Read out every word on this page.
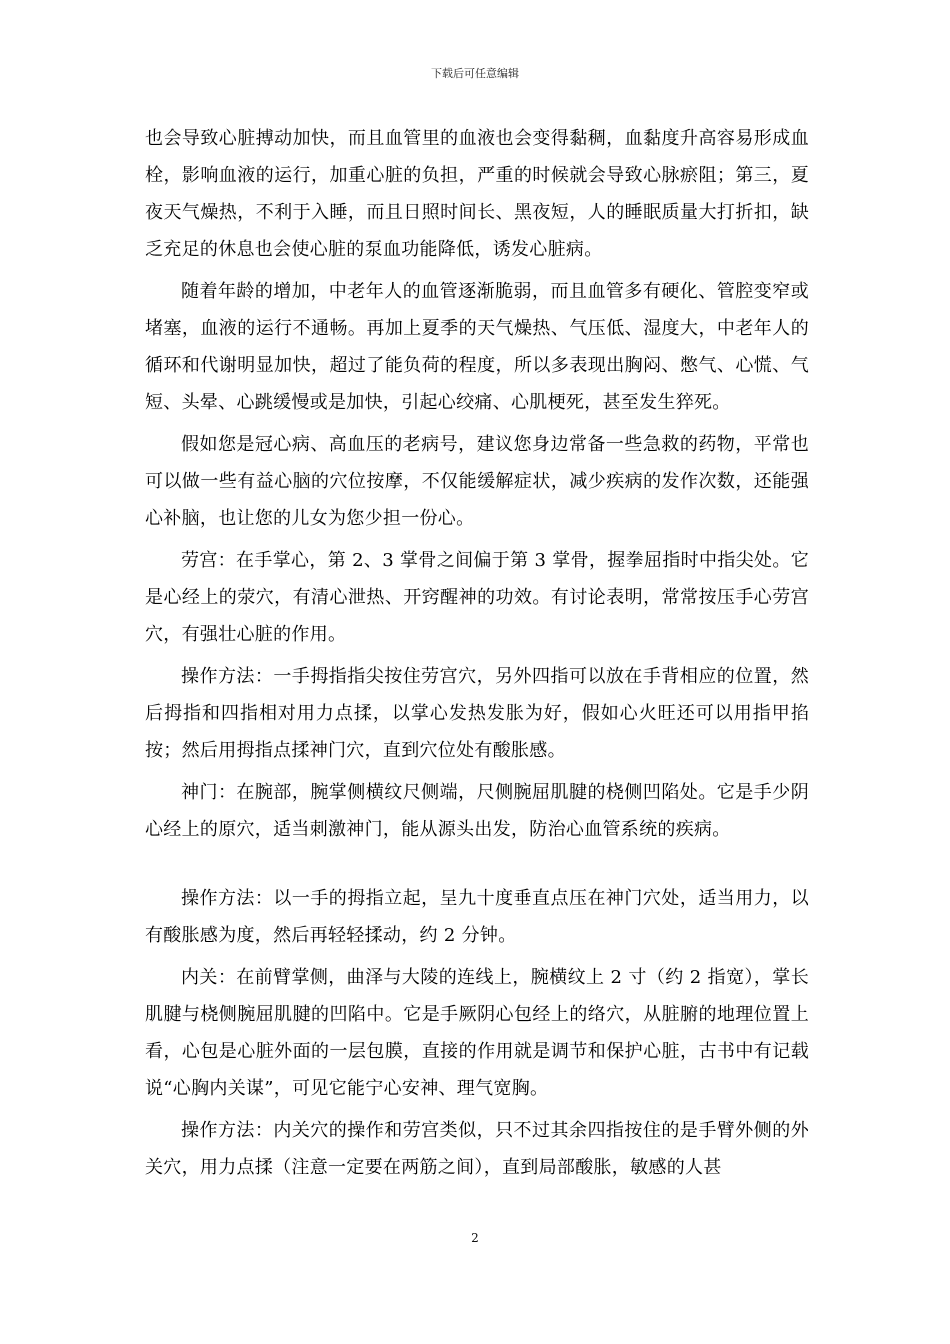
下载后可任意编辑

也会导致心脏搏动加快，而且血管里的血液也会变得黏稠，血黏度升高容易形成血栓，影响血液的运行，加重心脏的负担，严重的时候就会导致心脉瘀阻；第三，夏夜天气燥热，不利于入睡，而且日照时间长、黑夜短，人的睡眠质量大打折扣，缺乏充足的休息也会使心脏的泵血功能降低，诱发心脏病。

随着年龄的增加，中老年人的血管逐渐脆弱，而且血管多有硬化、管腔变窄或堵塞，血液的运行不通畅。再加上夏季的天气燥热、气压低、湿度大，中老年人的循环和代谢明显加快，超过了能负荷的程度，所以多表现出胸闷、憋气、心慌、气短、头晕、心跳缓慢或是加快，引起心绞痛、心肌梗死，甚至发生猝死。

假如您是冠心病、高血压的老病号，建议您身边常备一些急救的药物，平常也可以做一些有益心脑的穴位按摩，不仅能缓解症状，减少疾病的发作次数，还能强心补脑，也让您的儿女为您少担一份心。

劳宫：在手掌心，第 2、3 掌骨之间偏于第 3 掌骨，握拳屈指时中指尖处。它是心经上的荥穴，有清心泄热、开窍醒神的功效。有讨论表明，常常按压手心劳宫穴，有强壮心脏的作用。

操作方法：一手拇指指尖按住劳宫穴，另外四指可以放在手背相应的位置，然后拇指和四指相对用力点揉，以掌心发热发胀为好，假如心火旺还可以用指甲掐按；然后用拇指点揉神门穴，直到穴位处有酸胀感。

神门：在腕部，腕掌侧横纹尺侧端，尺侧腕屈肌腱的桡侧凹陷处。它是手少阴心经上的原穴，适当刺激神门，能从源头出发，防治心血管系统的疾病。

操作方法：以一手的拇指立起，呈九十度垂直点压在神门穴处，适当用力，以有酸胀感为度，然后再轻轻揉动，约 2 分钟。

内关：在前臂掌侧，曲泽与大陵的连线上，腕横纹上 2 寸（约 2 指宽），掌长肌腱与桡侧腕屈肌腱的凹陷中。它是手厥阴心包经上的络穴，从脏腑的地理位置上看，心包是心脏外面的一层包膜，直接的作用就是调节和保护心脏，古书中有记载说“心胸内关谋”，可见它能宁心安神、理气宽胸。

操作方法：内关穴的操作和劳宫类似，只不过其余四指按住的是手臂外侧的外关穴，用力点揉（注意一定要在两筋之间），直到局部酸胀，敏感的人甚

2
